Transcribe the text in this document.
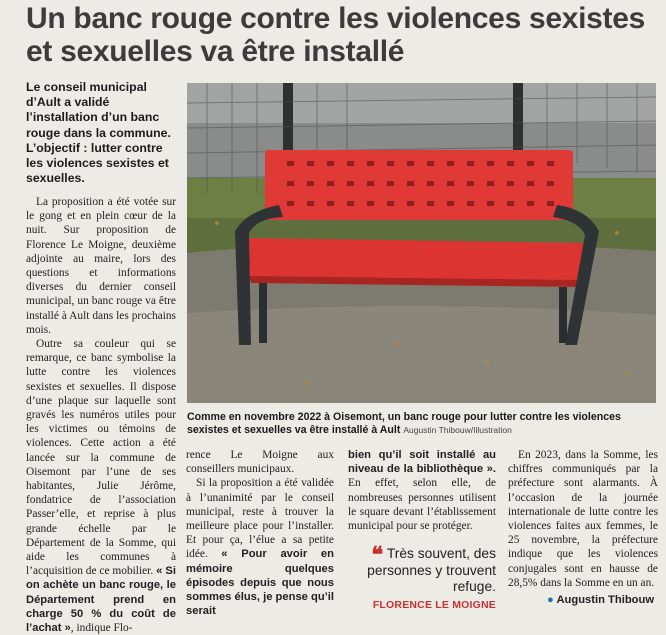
Un banc rouge contre les violences sexistes et sexuelles va être installé
Le conseil municipal d’Ault a validé l’installation d’un banc rouge dans la commune. L’objectif : lutter contre les violences sexistes et sexuelles.

La proposition a été votée sur le gong et en plein cœur de la nuit. Sur proposition de Florence Le Moigne, deuxième adjointe au maire, lors des questions et informations diverses du dernier conseil municipal, un banc rouge va être installé à Ault dans les prochains mois.

Outre sa couleur qui se remarque, ce banc symbolise la lutte contre les violences sexistes et sexuelles. Il dispose d’une plaque sur laquelle sont gravés les numéros utiles pour les victimes ou témoins de violences. Cette action a été lancée sur la commune de Oisemont par l’une de ses habitantes, Julie Jérôme, fondatrice de l’association Passer’elle, et reprise à plus grande échelle par le Département de la Somme, qui aide les communes à l’acquisition de ce mobilier. « Si on achète un banc rouge, le Département prend en charge 50 % du coût de l’achat », indique Flo-

Comme en novembre 2022 à Oisemont, un banc rouge pour lutter contre les violences sexistes et sexuelles va être installé à Ault Augustin Thibouw/Illustration

rence Le Moigne aux conseillers municipaux.

Si la proposition a été validée à l’unanimité par le conseil municipal, reste à trouver la meilleure place pour l’installer. Et pour ça, l’élue a sa petite idée. « Pour avoir en mémoire quelques épisodes depuis que nous sommes élus, je pense qu’il serait

bien qu’il soit installé au niveau de la bibliothèque ». En effet, selon elle, de nombreuses personnes utilisent le square devant l’établissement municipal pour se protéger.

❝ Très souvent, des personnes y trouvent refuge.
FLORENCE LE MOIGNE

En 2023, dans la Somme, les chiffres communiqués par la préfecture sont alarmants. À l’occasion de la journée internationale de lutte contre les violences faites aux femmes, le 25 novembre, la préfecture indique que les violences conjugales sont en hausse de 28,5% dans la Somme en un an.

● Augustin Thibouw
